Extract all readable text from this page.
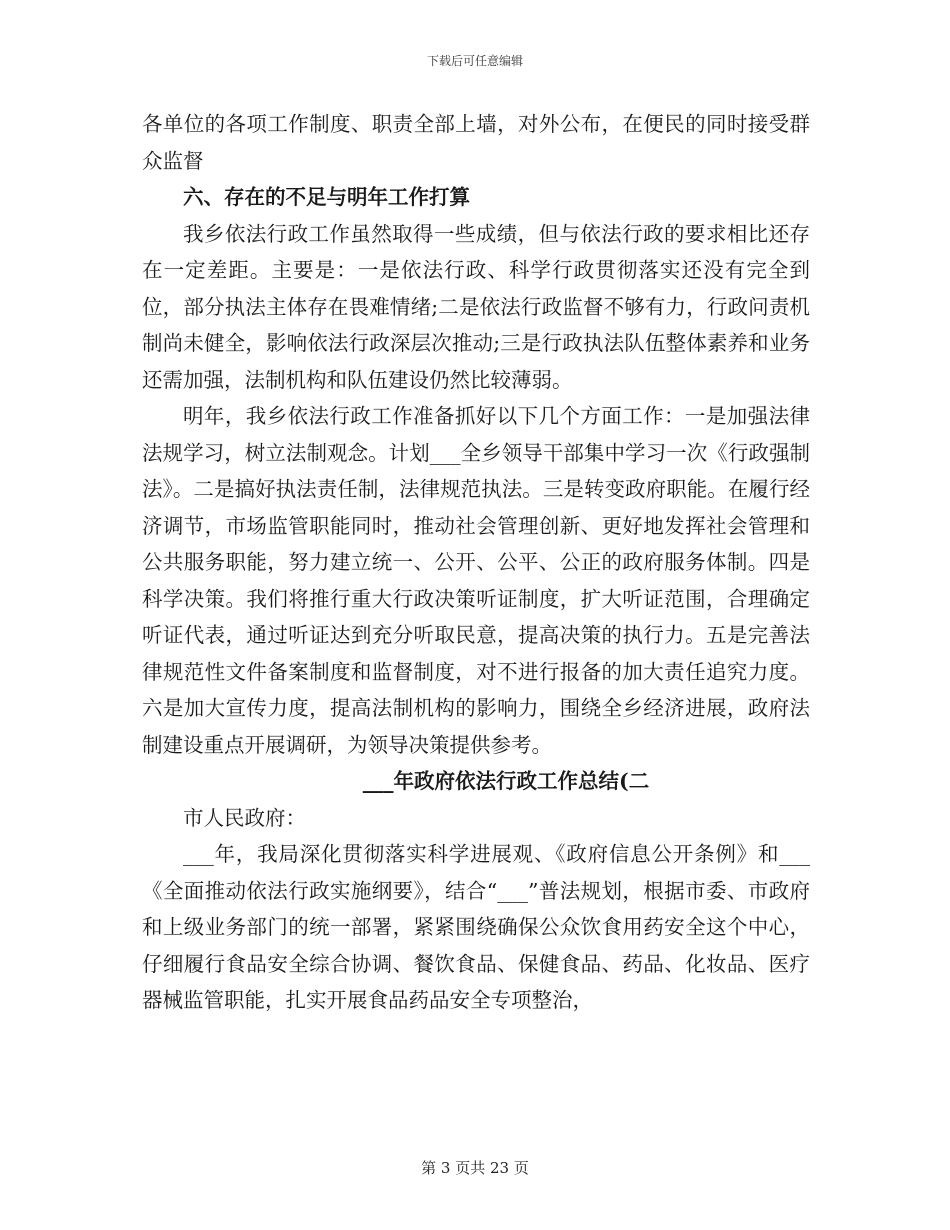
下载后可任意编辑

各单位的各项工作制度、职责全部上墙，对外公布，在便民的同时接受群众监督

六、存在的不足与明年工作打算

我乡依法行政工作虽然取得一些成绩，但与依法行政的要求相比还存在一定差距。主要是：一是依法行政、科学行政贯彻落实还没有完全到位，部分执法主体存在畏难情绪;二是依法行政监督不够有力，行政问责机制尚未健全，影响依法行政深层次推动;三是行政执法队伍整体素养和业务还需加强，法制机构和队伍建设仍然比较薄弱。

明年，我乡依法行政工作准备抓好以下几个方面工作：一是加强法律法规学习，树立法制观念。计划___全乡领导干部集中学习一次《行政强制法》。二是搞好执法责任制，法律规范执法。三是转变政府职能。在履行经济调节，市场监管职能同时，推动社会管理创新、更好地发挥社会管理和公共服务职能，努力建立统一、公开、公平、公正的政府服务体制。四是科学决策。我们将推行重大行政决策听证制度，扩大听证范围，合理确定听证代表，通过听证达到充分听取民意，提高决策的执行力。五是完善法律规范性文件备案制度和监督制度，对不进行报备的加大责任追究力度。六是加大宣传力度，提高法制机构的影响力，围绕全乡经济进展，政府法制建设重点开展调研，为领导决策提供参考。

___年政府依法行政工作总结(二

市人民政府：

___年，我局深化贯彻落实科学进展观、《政府信息公开条例》和___《全面推动依法行政实施纲要》，结合“___”普法规划，根据市委、市政府和上级业务部门的统一部署，紧紧围绕确保公众饮食用药安全这个中心，仔细履行食品安全综合协调、餐饮食品、保健食品、药品、化妆品、医疗器械监管职能，扎实开展食品药品安全专项整治，

第 3 页共 23 页
